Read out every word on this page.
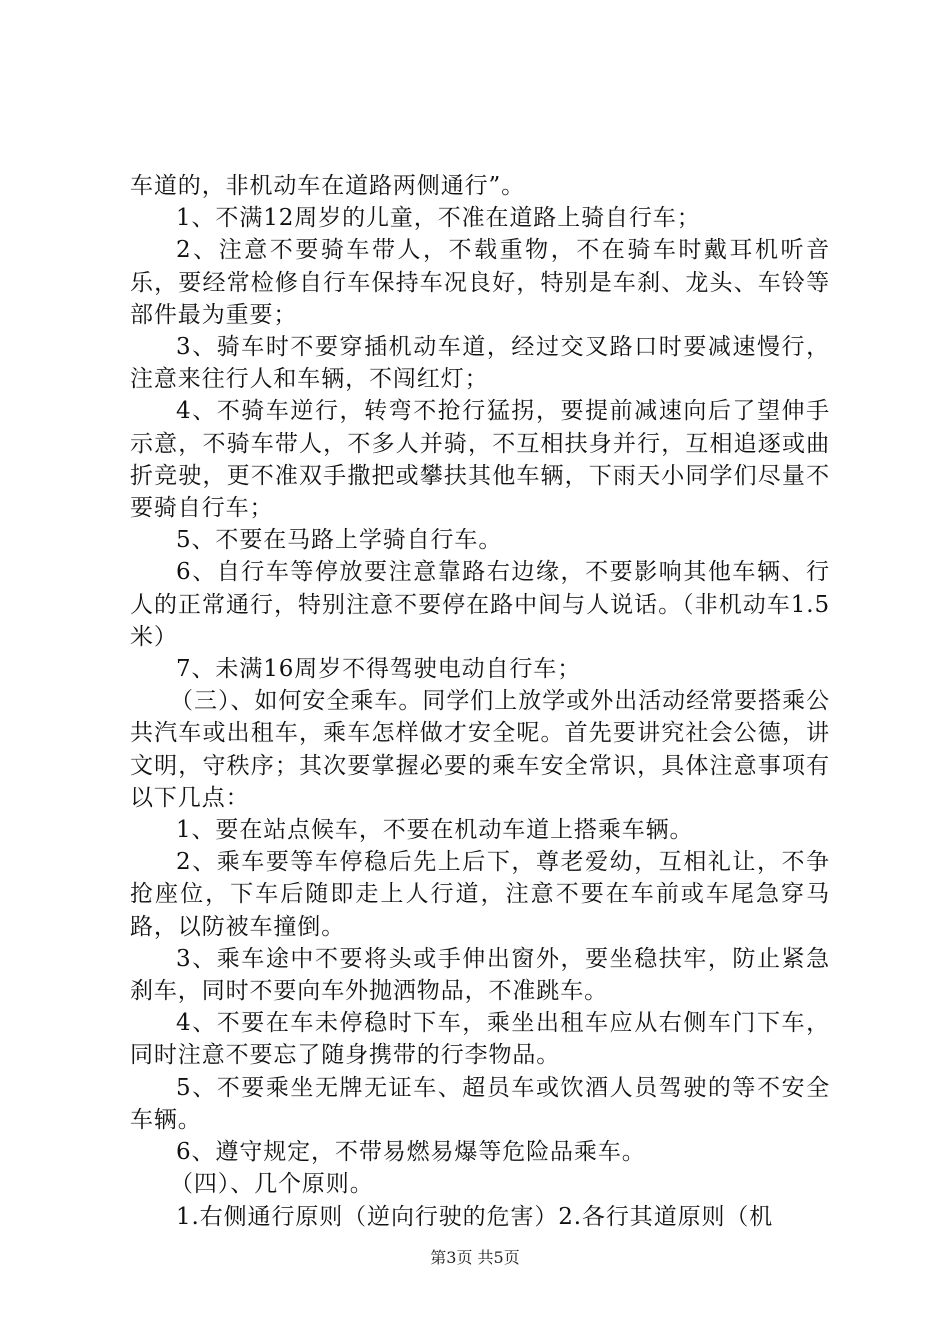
车道的，非机动车在道路两侧通行”。

1、不满12周岁的儿童，不准在道路上骑自行车；

2、注意不要骑车带人，不载重物，不在骑车时戴耳机听音乐，要经常检修自行车保持车况良好，特别是车刹、龙头、车铃等部件最为重要；

3、骑车时不要穿插机动车道，经过交叉路口时要减速慢行，注意来往行人和车辆，不闯红灯；

4、不骑车逆行，转弯不抢行猛拐，要提前减速向后了望伸手示意，不骑车带人，不多人并骑，不互相扶身并行，互相追逐或曲折竞驶，更不准双手撒把或攀扶其他车辆，下雨天小同学们尽量不要骑自行车；

5、不要在马路上学骑自行车。

6、自行车等停放要注意靠路右边缘，不要影响其他车辆、行人的正常通行，特别注意不要停在路中间与人说话。（非机动车1.5米）

7、未满16周岁不得驾驶电动自行车；

（三）、如何安全乘车。同学们上放学或外出活动经常要搭乘公共汽车或出租车，乘车怎样做才安全呢。首先要讲究社会公德，讲文明，守秩序；其次要掌握必要的乘车安全常识，具体注意事项有以下几点：

1、要在站点候车，不要在机动车道上搭乘车辆。

2、乘车要等车停稳后先上后下，尊老爱幼，互相礼让，不争抢座位，下车后随即走上人行道，注意不要在车前或车尾急穿马路，以防被车撞倒。

3、乘车途中不要将头或手伸出窗外，要坐稳扶牢，防止紧急刹车，同时不要向车外抛洒物品，不准跳车。

4、不要在车未停稳时下车，乘坐出租车应从右侧车门下车，同时注意不要忘了随身携带的行李物品。

5、不要乘坐无牌无证车、超员车或饮酒人员驾驶的等不安全车辆。

6、遵守规定，不带易燃易爆等危险品乘车。

（四）、几个原则。

1.右侧通行原则（逆向行驶的危害）2.各行其道原则（机

第3页 共5页
